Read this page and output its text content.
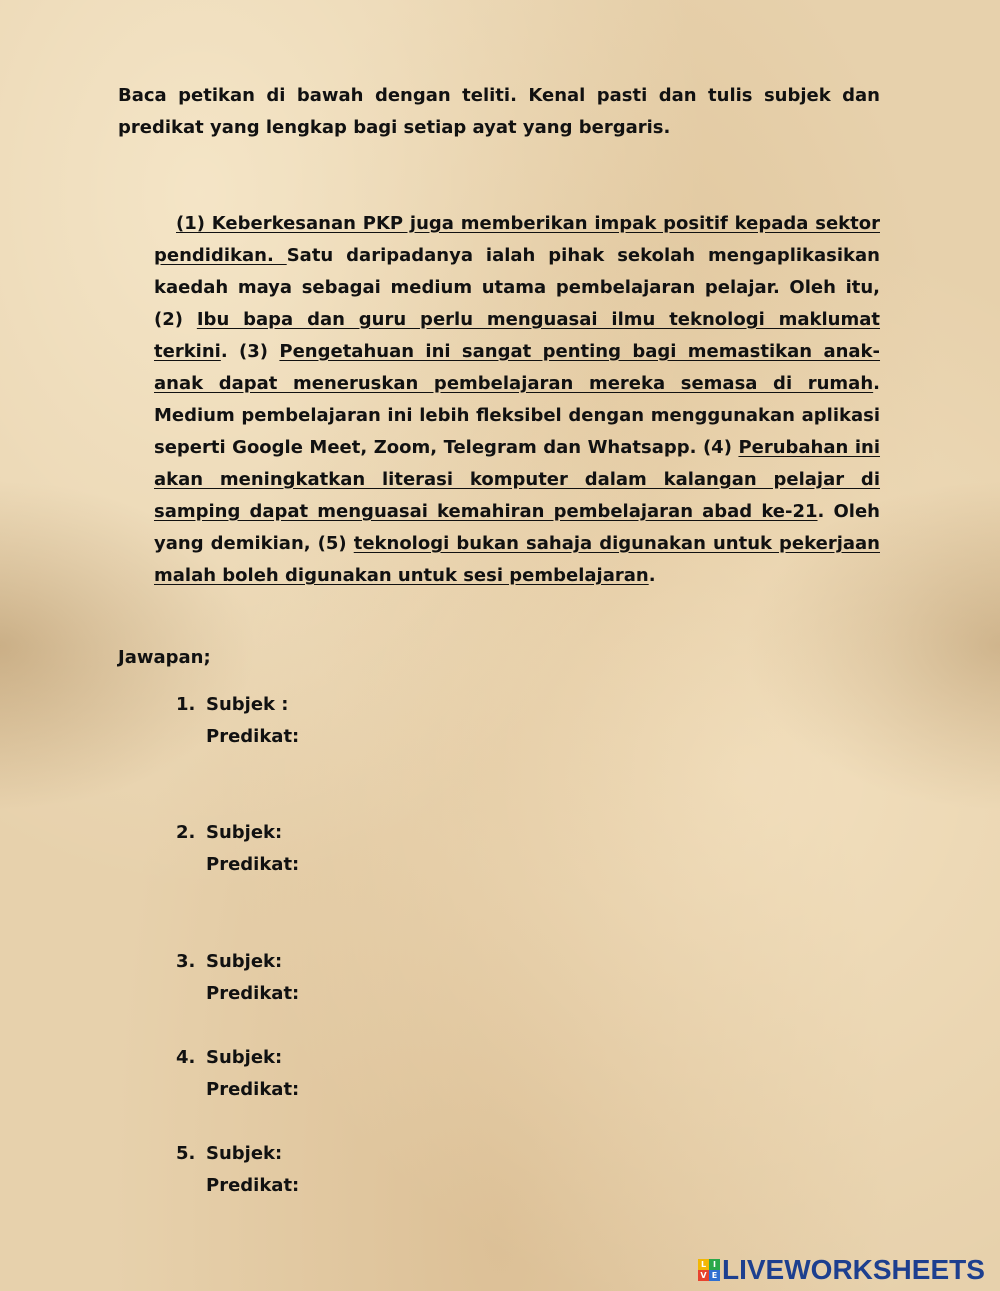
Baca petikan di bawah dengan teliti. Kenal pasti dan tulis subjek dan predikat yang lengkap bagi setiap ayat yang bergaris.
(1) Keberkesanan PKP juga memberikan impak positif kepada sektor pendidikan. Satu daripadanya ialah pihak sekolah mengaplikasikan kaedah maya sebagai medium utama pembelajaran pelajar. Oleh itu, (2) Ibu bapa dan guru perlu menguasai ilmu teknologi maklumat terkini. (3) Pengetahuan ini sangat penting bagi memastikan anak-anak dapat meneruskan pembelajaran mereka semasa di rumah. Medium pembelajaran ini lebih fleksibel dengan menggunakan aplikasi seperti Google Meet, Zoom, Telegram dan Whatsapp. (4) Perubahan ini akan meningkatkan literasi komputer dalam kalangan pelajar di samping dapat menguasai kemahiran pembelajaran abad ke-21. Oleh yang demikian, (5) teknologi bukan sahaja digunakan untuk pekerjaan malah boleh digunakan untuk sesi pembelajaran.
Jawapan;
1. Subjek :
Predikat:
2. Subjek:
Predikat:
3. Subjek:
Predikat:
4. Subjek:
Predikat:
5. Subjek:
Predikat:
L I
V E LIVEWORKSHEETS
